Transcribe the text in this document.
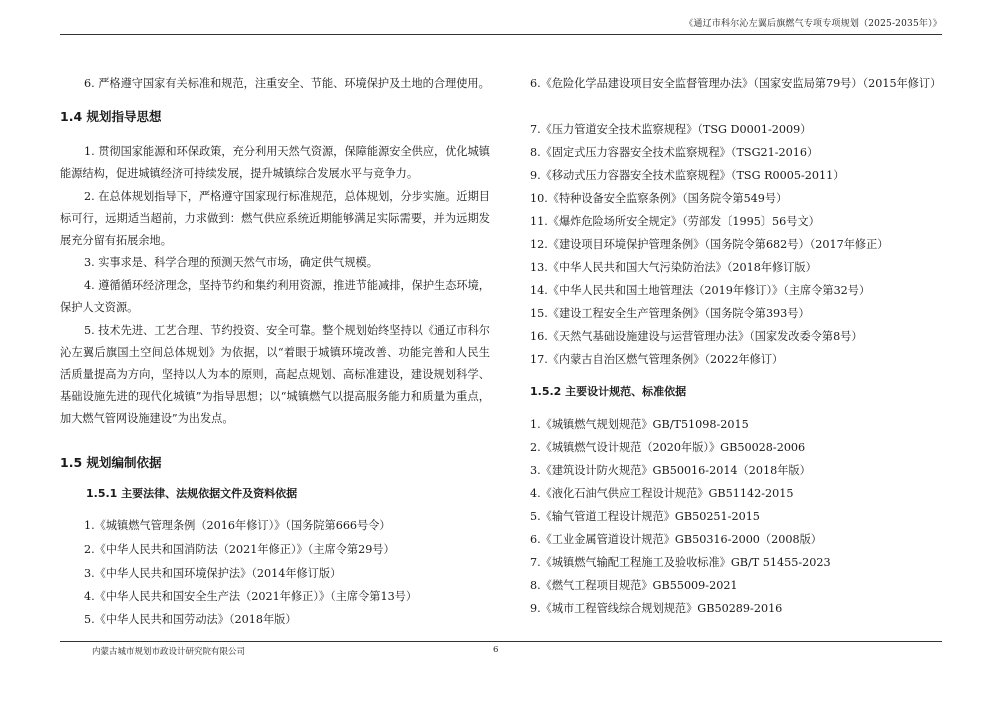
《通辽市科尔沁左翼后旗燃气专项专项规划（2025-2035年）》

6. 严格遵守国家有关标准和规范，注重安全、节能、环境保护及土地的合理使用。

1.4 规划指导思想

1. 贯彻国家能源和环保政策，充分利用天然气资源，保障能源安全供应，优化城镇能源结构，促进城镇经济可持续发展，提升城镇综合发展水平与竞争力。

2. 在总体规划指导下，严格遵守国家现行标准规范，总体规划，分步实施。近期目标可行，远期适当超前，力求做到：燃气供应系统近期能够满足实际需要，并为远期发展充分留有拓展余地。

3. 实事求是、科学合理的预测天然气市场，确定供气规模。

4. 遵循循环经济理念，坚持节约和集约利用资源，推进节能减排，保护生态环境，保护人文资源。

5. 技术先进、工艺合理、节约投资、安全可靠。整个规划始终坚持以《通辽市科尔沁左翼后旗国土空间总体规划》为依据，以“着眼于城镇环境改善、功能完善和人民生活质量提高为方向，坚持以人为本的原则，高起点规划、高标准建设，建设规划科学、基础设施先进的现代化城镇”为指导思想；以“城镇燃气以提高服务能力和质量为重点，加大燃气管网设施建设”为出发点。

1.5 规划编制依据
1.5.1 主要法律、法规依据文件及资料依据

1.《城镇燃气管理条例（2016年修订）》（国务院第666号令）

2.《中华人民共和国消防法（2021年修正）》（主席令第29号）

3.《中华人民共和国环境保护法》（2014年修订版）

4.《中华人民共和国安全生产法（2021年修正）》（主席令第13号）

5.《中华人民共和国劳动法》（2018年版）

6.《危险化学品建设项目安全监督管理办法》（国家安监局第79号）（2015年修订）

7.《压力管道安全技术监察规程》（TSG D0001-2009）

8.《固定式压力容器安全技术监察规程》（TSG21-2016）

9.《移动式压力容器安全技术监察规程》（TSG R0005-2011）

10.《特种设备安全监察条例》（国务院令第549号）

11.《爆炸危险场所安全规定》（劳部发〔1995〕56号文）

12.《建设项目环境保护管理条例》（国务院令第682号）（2017年修正）

13.《中华人民共和国大气污染防治法》（2018年修订版）

14.《中华人民共和国土地管理法（2019年修订）》（主席令第32号）

15.《建设工程安全生产管理条例》（国务院令第393号）

16.《天然气基础设施建设与运营管理办法》（国家发改委令第8号）

17.《内蒙古自治区燃气管理条例》（2022年修订）

1.5.2 主要设计规范、标准依据

1.《城镇燃气规划规范》GB/T51098-2015

2.《城镇燃气设计规范（2020年版）》GB50028-2006

3.《建筑设计防火规范》GB50016-2014（2018年版）

4.《液化石油气供应工程设计规范》GB51142-2015

5.《输气管道工程设计规范》GB50251-2015

6.《工业金属管道设计规范》GB50316-2000（2008版）

7.《城镇燃气输配工程施工及验收标准》GB/T 51455-2023

8.《燃气工程项目规范》GB55009-2021

9.《城市工程管线综合规划规范》GB50289-2016

内蒙古城市规划市政设计研究院有限公司	6
